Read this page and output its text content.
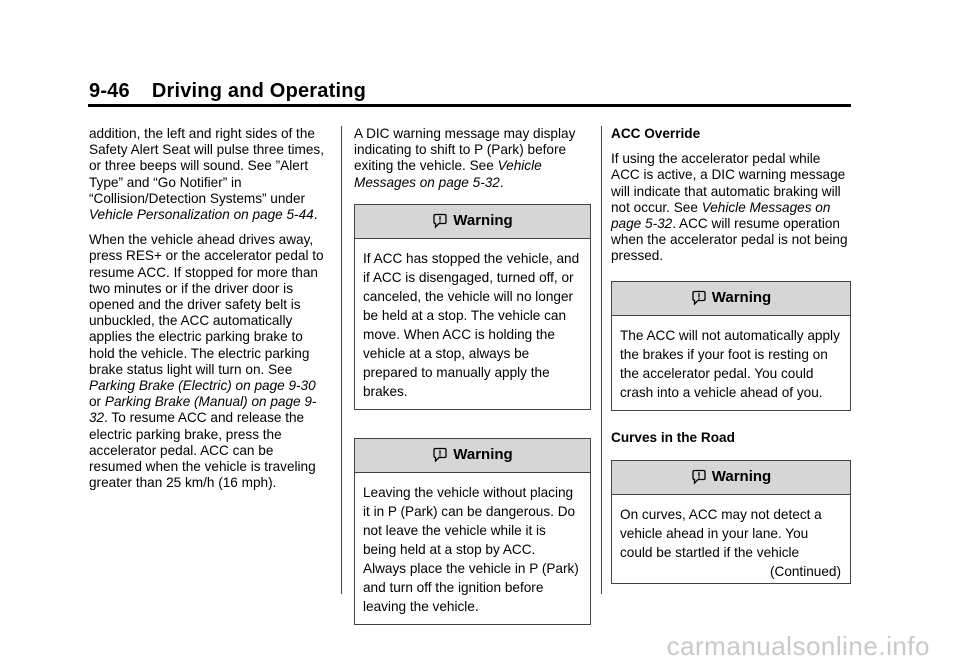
9-46 Driving and Operating

addition, the left and right sides of the Safety Alert Seat will pulse three times, or three beeps will sound. See ”Alert Type” and “Go Notifier” in “Collision/Detection Systems” under Vehicle Personalization on page 5-44.

When the vehicle ahead drives away, press RES+ or the accelerator pedal to resume ACC. If stopped for more than two minutes or if the driver door is opened and the driver safety belt is unbuckled, the ACC automatically applies the electric parking brake to hold the vehicle. The electric parking brake status light will turn on. See Parking Brake (Electric) on page 9-30 or Parking Brake (Manual) on page 9-32. To resume ACC and release the electric parking brake, press the accelerator pedal. ACC can be resumed when the vehicle is traveling greater than 25 km/h (16 mph).

A DIC warning message may display indicating to shift to P (Park) before exiting the vehicle. See Vehicle Messages on page 5-32.

Warning
If ACC has stopped the vehicle, and if ACC is disengaged, turned off, or canceled, the vehicle will no longer be held at a stop. The vehicle can move. When ACC is holding the vehicle at a stop, always be prepared to manually apply the brakes.
Warning
Leaving the vehicle without placing it in P (Park) can be dangerous. Do not leave the vehicle while it is being held at a stop by ACC. Always place the vehicle in P (Park) and turn off the ignition before leaving the vehicle.
ACC Override

If using the accelerator pedal while ACC is active, a DIC warning message will indicate that automatic braking will not occur. See Vehicle Messages on page 5-32. ACC will resume operation when the accelerator pedal is not being pressed.

Warning
The ACC will not automatically apply the brakes if your foot is resting on the accelerator pedal. You could crash into a vehicle ahead of you.
Curves in the Road
Warning
On curves, ACC may not detect a vehicle ahead in your lane. You could be startled if the vehicle
(Continued)
carmanualsonline.info
